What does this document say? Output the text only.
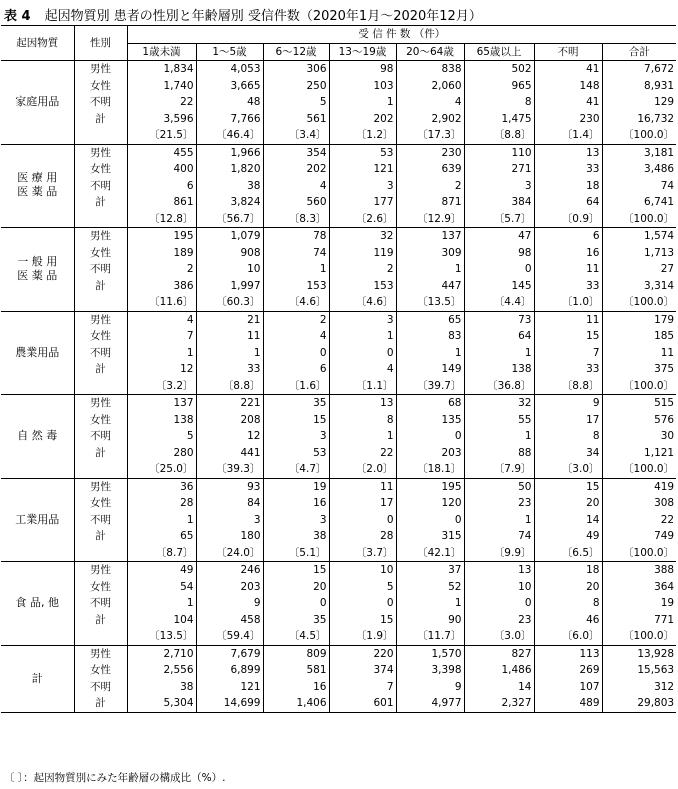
表 4 起因物質別 患者の性別と年齢層別 受信件数（2020年1月～2020年12月）
起因物質	性別	受 信 件 数 （件）							
		1歳未満	1～5歳	6～12歳	13～19歳	20～64歳	65歳以上	不明	合計
家庭用品	男性	1,834	4,053	306	98	838	502	41	7,672
	女性	1,740	3,665	250	103	2,060	965	148	8,931
	不明	22	48	5	1	4	8	41	129
	計	3,596	7,766	561	202	2,902	1,475	230	16,732
		〔21.5〕	〔46.4〕	〔3.4〕	〔1.2〕	〔17.3〕	〔8.8〕	〔1.4〕	〔100.0〕
医 療 用 医 薬 品	男性	455	1,966	354	53	230	110	13	3,181
	女性	400	1,820	202	121	639	271	33	3,486
	不明	6	38	4	3	2	3	18	74
	計	861	3,824	560	177	871	384	64	6,741
		〔12.8〕	〔56.7〕	〔8.3〕	〔2.6〕	〔12.9〕	〔5.7〕	〔0.9〕	〔100.0〕
一 般 用 医 薬 品	男性	195	1,079	78	32	137	47	6	1,574
	女性	189	908	74	119	309	98	16	1,713
	不明	2	10	1	2	1	0	11	27
	計	386	1,997	153	153	447	145	33	3,314
		〔11.6〕	〔60.3〕	〔4.6〕	〔4.6〕	〔13.5〕	〔4.4〕	〔1.0〕	〔100.0〕
農業用品	男性	4	21	2	3	65	73	11	179
	女性	7	11	4	1	83	64	15	185
	不明	1	1	0	0	1	1	7	11
	計	12	33	6	4	149	138	33	375
		〔3.2〕	〔8.8〕	〔1.6〕	〔1.1〕	〔39.7〕	〔36.8〕	〔8.8〕	〔100.0〕
自 然 毒	男性	137	221	35	13	68	32	9	515
	女性	138	208	15	8	135	55	17	576
	不明	5	12	3	1	0	1	8	30
	計	280	441	53	22	203	88	34	1,121
		〔25.0〕	〔39.3〕	〔4.7〕	〔2.0〕	〔18.1〕	〔7.9〕	〔3.0〕	〔100.0〕
工業用品	男性	36	93	19	11	195	50	15	419
	女性	28	84	16	17	120	23	20	308
	不明	1	3	3	0	0	1	14	22
	計	65	180	38	28	315	74	49	749
		〔8.7〕	〔24.0〕	〔5.1〕	〔3.7〕	〔42.1〕	〔9.9〕	〔6.5〕	〔100.0〕
食 品, 他	男性	49	246	15	10	37	13	18	388
	女性	54	203	20	5	52	10	20	364
	不明	1	9	0	0	1	0	8	19
	計	104	458	35	15	90	23	46	771
		〔13.5〕	〔59.4〕	〔4.5〕	〔1.9〕	〔11.7〕	〔3.0〕	〔6.0〕	〔100.0〕
計	男性	2,710	7,679	809	220	1,570	827	113	13,928
	女性	2,556	6,899	581	374	3,398	1,486	269	15,563
	不明	38	121	16	7	9	14	107	312
	計	5,304	14,699	1,406	601	4,977	2,327	489	29,803
〔 〕：起因物質別にみた年齢層の構成比（%）.
